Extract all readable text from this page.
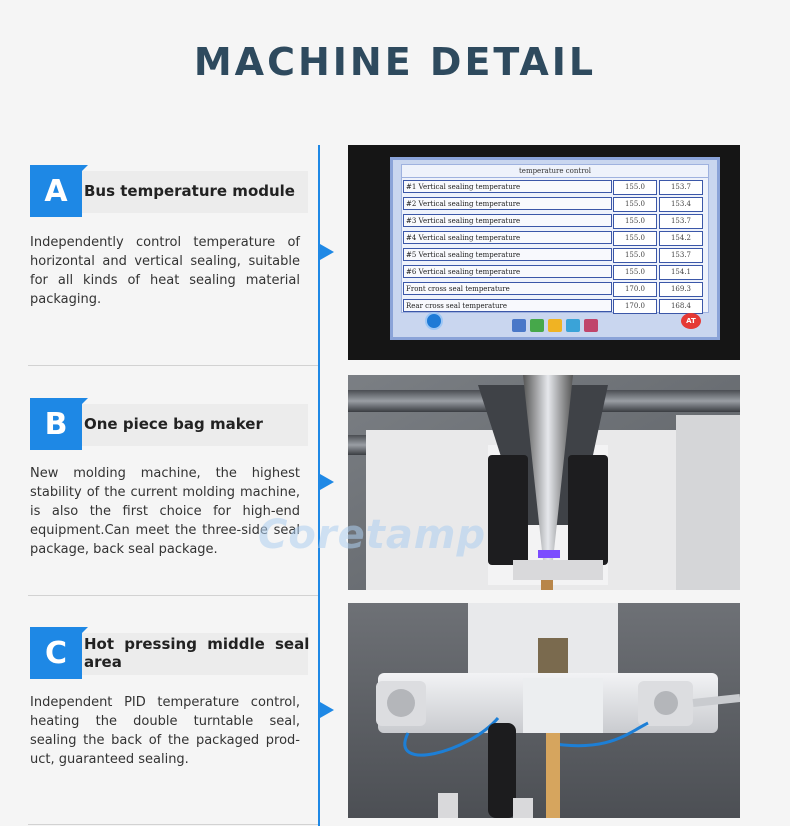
MACHINE DETAIL
A	Bus temperature module
Independently control temperature of horizontal and vertical sealing, suitable for all kinds of heat sealing material packaging.
B	One piece bag maker
New molding machine, the highest stability of the current molding machine, is also the first choice for high-end equipment.Can meet the three-side seal package, back seal package.
C	Hot pressing middle seal area
Independent PID temperature control, heating the double turntable seal, sealing the back of the packaged prod- uct, guaranteed sealing.
temperature control
#1 Vertical sealing temperature	155.0	153.7
#2 Vertical sealing temperature	155.0	153.4
#3 Vertical sealing temperature	155.0	153.7
#4 Vertical sealing temperature	155.0	154.2
#5 Vertical sealing temperature	155.0	153.7
#6 Vertical sealing temperature	155.0	154.1
Front cross seal temperature	170.0	169.3
Rear cross seal temperature	170.0	168.4
AT
Coretamp
